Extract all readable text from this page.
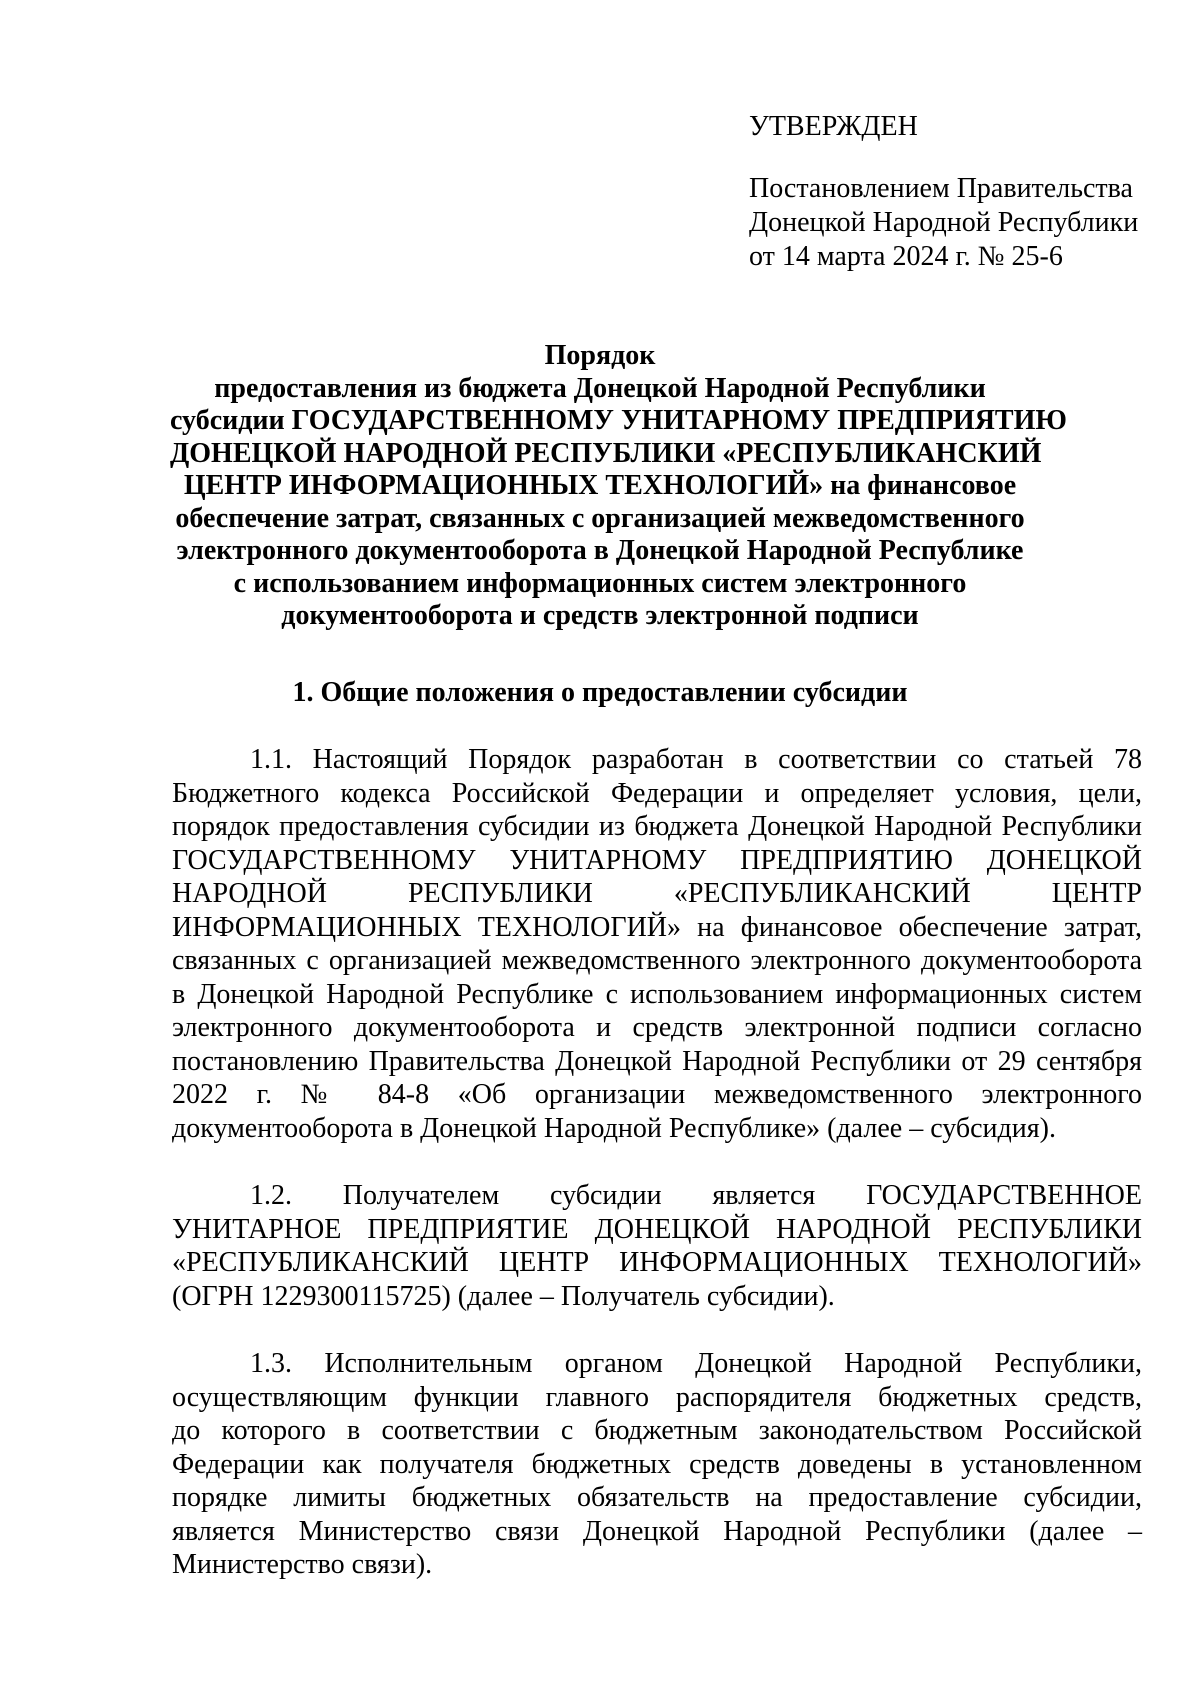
УТВЕРЖДЕН

Постановлением Правительства

Донецкой Народной Республики

от 14 марта 2024 г. № 25-6

Порядок

предоставления из бюджета Донецкой Народной Республики

субсидии ГОСУДАРСТВЕННОМУ УНИТАРНОМУ ПРЕДПРИЯТИЮ

ДОНЕЦКОЙ НАРОДНОЙ РЕСПУБЛИКИ «РЕСПУБЛИКАНСКИЙ

ЦЕНТР ИНФОРМАЦИОННЫХ ТЕХНОЛОГИЙ» на финансовое

обеспечение затрат, связанных с организацией межведомственного

электронного документооборота в Донецкой Народной Республике

с использованием информационных систем электронного

документооборота и средств электронной подписи

1. Общие положения о предоставлении субсидии

1.1. Настоящий Порядок разработан в соответствии со статьей 78
Бюджетного кодекса Российской Федерации и определяет условия, цели,
порядок предоставления субсидии из бюджета Донецкой Народной Республики
ГОСУДАРСТВЕННОМУ УНИТАРНОМУ ПРЕДПРИЯТИЮ ДОНЕЦКОЙ
НАРОДНОЙ РЕСПУБЛИКИ «РЕСПУБЛИКАНСКИЙ ЦЕНТР
ИНФОРМАЦИОННЫХ ТЕХНОЛОГИЙ» на финансовое обеспечение затрат,
связанных с организацией межведомственного электронного документооборота
в Донецкой Народной Республике с использованием информационных систем
электронного документооборота и средств электронной подписи согласно
постановлению Правительства Донецкой Народной Республики от 29 сентября
2022 г. № 84-8 «Об организации межведомственного электронного
документооборота в Донецкой Народной Республике» (далее – субсидия).
1.2. Получателем субсидии является ГОСУДАРСТВЕННОЕ
УНИТАРНОЕ ПРЕДПРИЯТИЕ ДОНЕЦКОЙ НАРОДНОЙ РЕСПУБЛИКИ
«РЕСПУБЛИКАНСКИЙ ЦЕНТР ИНФОРМАЦИОННЫХ ТЕХНОЛОГИЙ»
(ОГРН 1229300115725) (далее – Получатель субсидии).
1.3. Исполнительным органом Донецкой Народной Республики,
осуществляющим функции главного распорядителя бюджетных средств,
до которого в соответствии с бюджетным законодательством Российской
Федерации как получателя бюджетных средств доведены в установленном
порядке лимиты бюджетных обязательств на предоставление субсидии,
является Министерство связи Донецкой Народной Республики (далее –
Министерство связи).
